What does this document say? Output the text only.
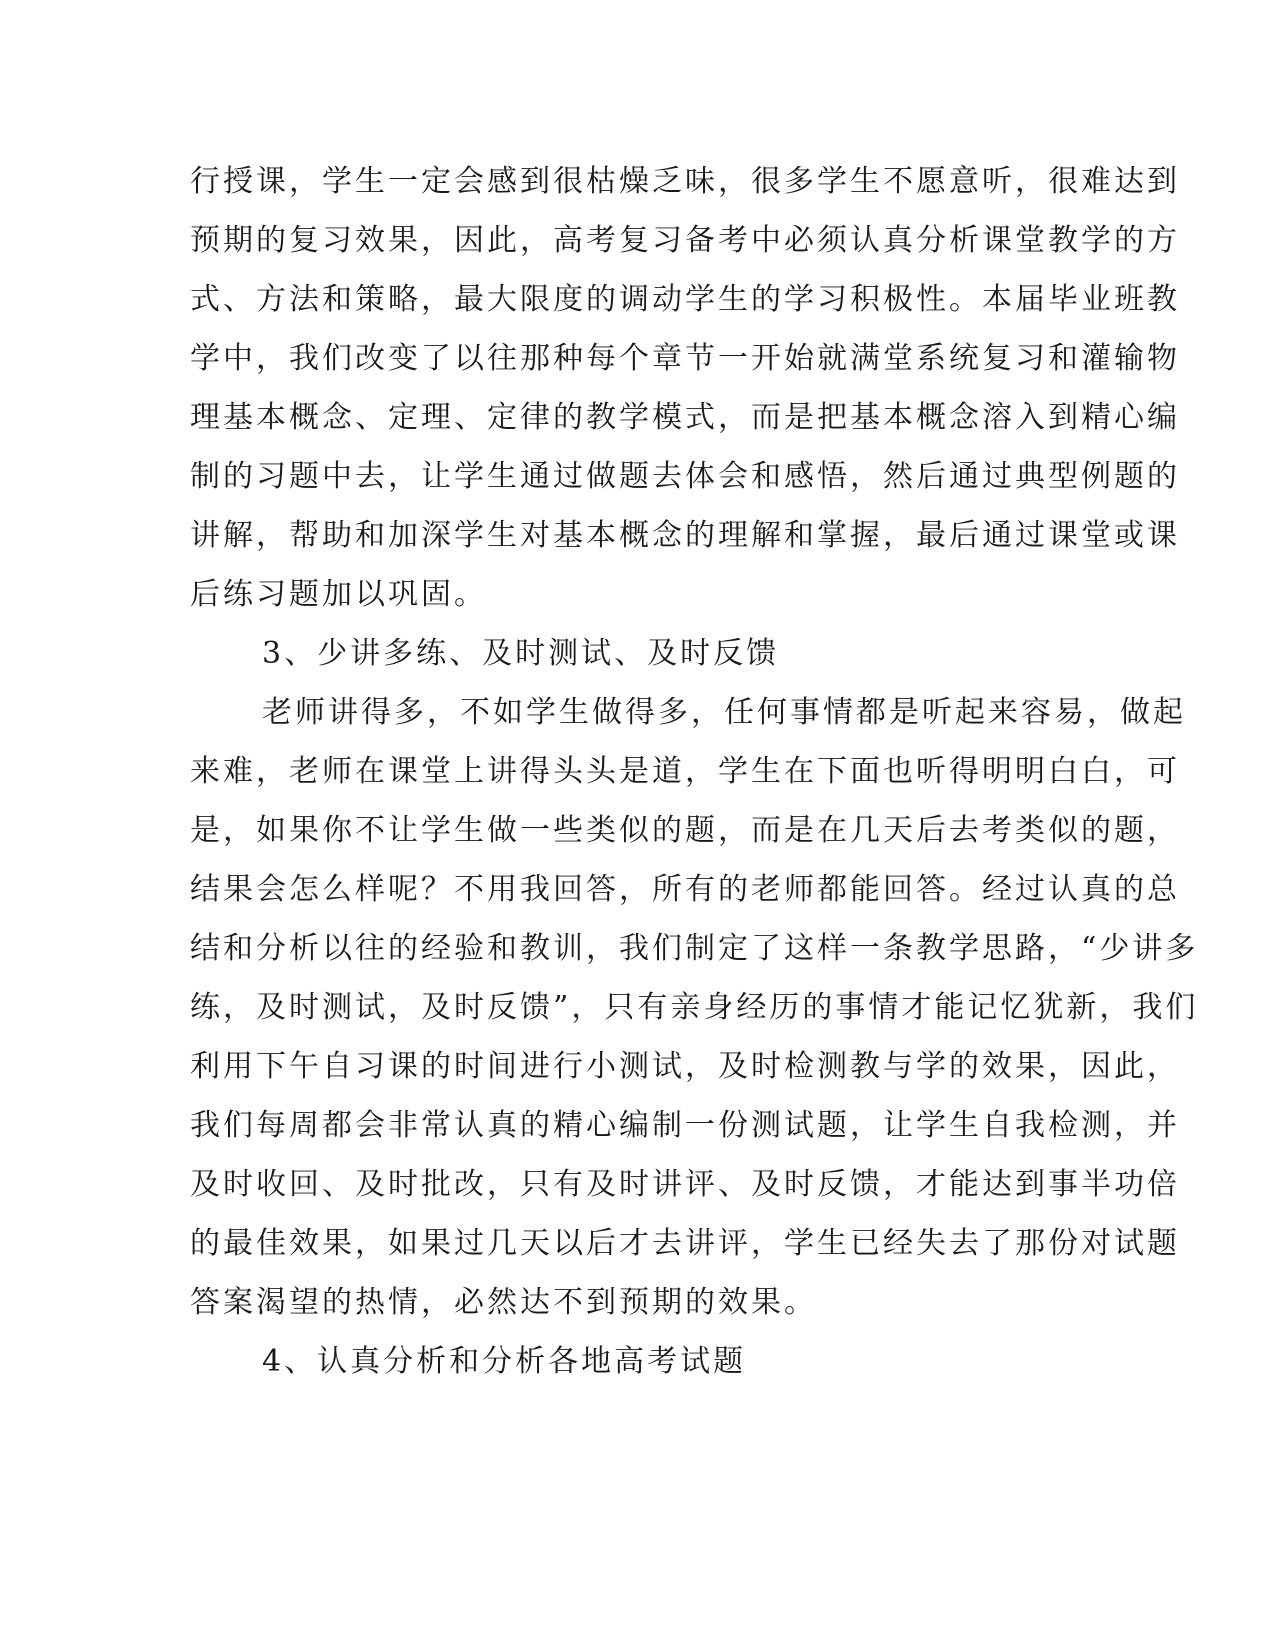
行授课，学生一定会感到很枯燥乏味，很多学生不愿意听，很难达到
预期的复习效果，因此，高考复习备考中必须认真分析课堂教学的方
式、方法和策略，最大限度的调动学生的学习积极性。本届毕业班教
学中，我们改变了以往那种每个章节一开始就满堂系统复习和灌输物
理基本概念、定理、定律的教学模式，而是把基本概念溶入到精心编
制的习题中去，让学生通过做题去体会和感悟，然后通过典型例题的
讲解，帮助和加深学生对基本概念的理解和掌握，最后通过课堂或课
后练习题加以巩固。
3、少讲多练、及时测试、及时反馈
老师讲得多，不如学生做得多，任何事情都是听起来容易，做起
来难，老师在课堂上讲得头头是道，学生在下面也听得明明白白，可
是，如果你不让学生做一些类似的题，而是在几天后去考类似的题，
结果会怎么样呢？不用我回答，所有的老师都能回答。经过认真的总
结和分析以往的经验和教训，我们制定了这样一条教学思路，“少讲多
练，及时测试，及时反馈”，只有亲身经历的事情才能记忆犹新，我们
利用下午自习课的时间进行小测试，及时检测教与学的效果，因此，
我们每周都会非常认真的精心编制一份测试题，让学生自我检测，并
及时收回、及时批改，只有及时讲评、及时反馈，才能达到事半功倍
的最佳效果，如果过几天以后才去讲评，学生已经失去了那份对试题
答案渴望的热情，必然达不到预期的效果。
4、认真分析和分析各地高考试题
